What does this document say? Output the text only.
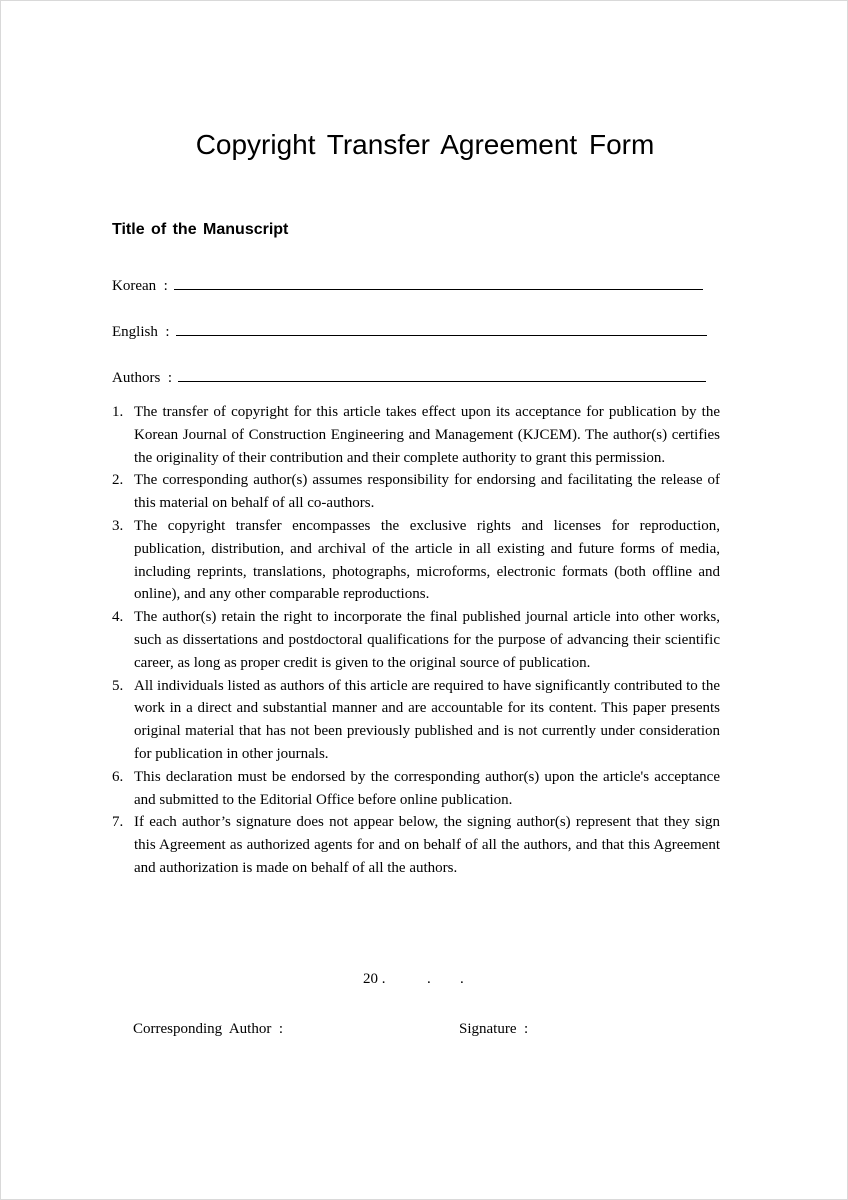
Copyright Transfer Agreement Form
Title of the Manuscript
Korean  :
English  :
Authors  :
1. The transfer of copyright for this article takes effect upon its acceptance for publication by the Korean Journal of Construction Engineering and Management (KJCEM). The author(s) certifies the originality of their contribution and their complete authority to grant this permission.
2. The corresponding author(s) assumes responsibility for endorsing and facilitating the release of this material on behalf of all co-authors.
3. The copyright transfer encompasses the exclusive rights and licenses for reproduction, publication, distribution, and archival of the article in all existing and future forms of media, including reprints, translations, photographs, microforms, electronic formats (both offline and online), and any other comparable reproductions.
4. The author(s) retain the right to incorporate the final published journal article into other works, such as dissertations and postdoctoral qualifications for the purpose of advancing their scientific career, as long as proper credit is given to the original source of publication.
5. All individuals listed as authors of this article are required to have significantly contributed to the work in a direct and substantial manner and are accountable for its content. This paper presents original material that has not been previously published and is not currently under consideration for publication in other journals.
6. This declaration must be endorsed by the corresponding author(s) upon the article's acceptance and submitted to the Editorial Office before online publication.
7. If each author’s signature does not appear below, the signing author(s) represent that they sign this Agreement as authorized agents for and on behalf of all the authors, and that this Agreement and authorization is made on behalf of all the authors.
20 .	. .
Corresponding  Author  :	Signature  :
